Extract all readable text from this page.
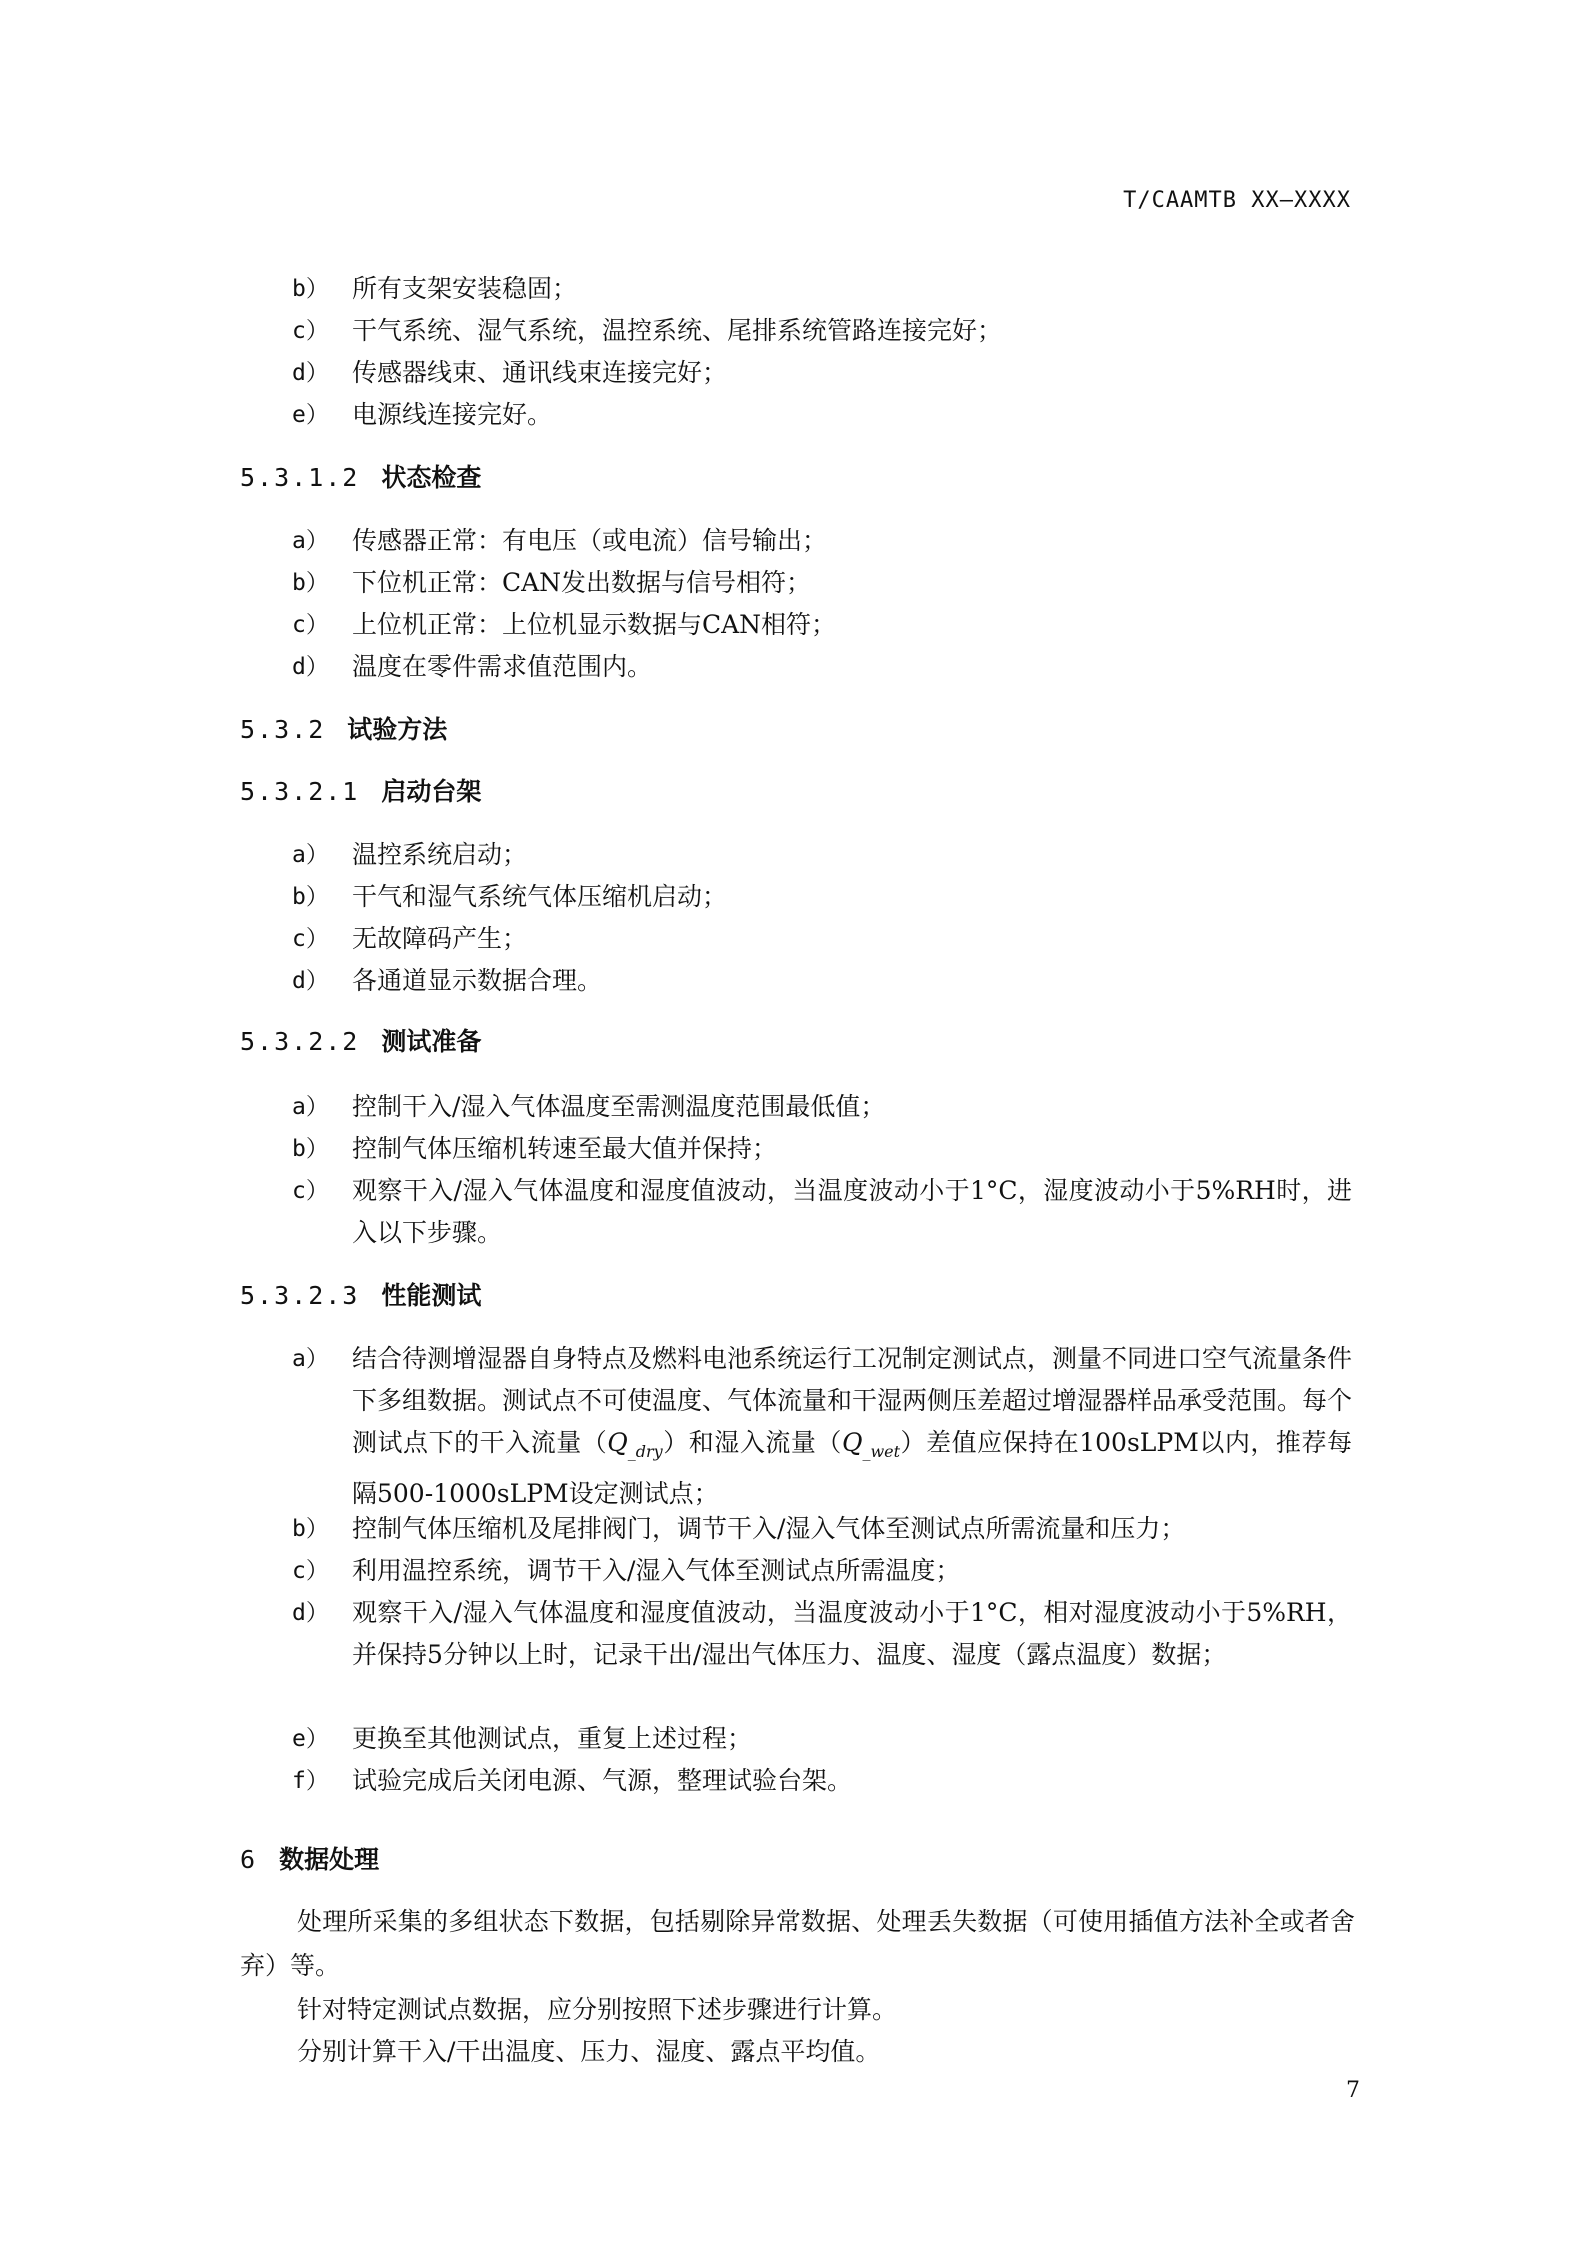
T/CAAMTB XX—XXXX
b） 所有支架安装稳固；
c） 干气系统、湿气系统，温控系统、尾排系统管路连接完好；
d） 传感器线束、通讯线束连接完好；
e） 电源线连接完好。
5.3.1.2 状态检查
a） 传感器正常：有电压（或电流）信号输出；
b） 下位机正常：CAN发出数据与信号相符；
c） 上位机正常：上位机显示数据与CAN相符；
d） 温度在零件需求值范围内。
5.3.2 试验方法
5.3.2.1 启动台架
a） 温控系统启动；
b） 干气和湿气系统气体压缩机启动；
c） 无故障码产生；
d） 各通道显示数据合理。
5.3.2.2 测试准备
a） 控制干入/湿入气体温度至需测温度范围最低值；
b） 控制气体压缩机转速至最大值并保持；
c） 观察干入/湿入气体温度和湿度值波动，当温度波动小于1°C，湿度波动小于5%RH时，进入以下步骤。
5.3.2.3 性能测试
a） 结合待测增湿器自身特点及燃料电池系统运行工况制定测试点，测量不同进口空气流量条件下多组数据。测试点不可使温度、气体流量和干湿两侧压差超过增湿器样品承受范围。每个测试点下的干入流量$(Q_{\_dry})$和湿入流量$(Q_{\_wet})$差值应保持在100sLPM以内，推荐每隔500-1000sLPM设定测试点；
b） 控制气体压缩机及尾排阀门，调节干入/湿入气体至测试点所需流量和压力；
c） 利用温控系统，调节干入/湿入气体至测试点所需温度；
d） 观察干入/湿入气体温度和湿度值波动，当温度波动小于1°C，相对湿度波动小于5%RH，并保持5分钟以上时，记录干出/湿出气体压力、温度、湿度（露点温度）数据；
e） 更换至其他测试点，重复上述过程；
f） 试验完成后关闭电源、气源，整理试验台架。
6 数据处理
处理所采集的多组状态下数据，包括剔除异常数据、处理丢失数据（可使用插值方法补全或者舍弃）等。
针对特定测试点数据，应分别按照下述步骤进行计算。
分别计算干入/干出温度、压力、湿度、露点平均值。
7
